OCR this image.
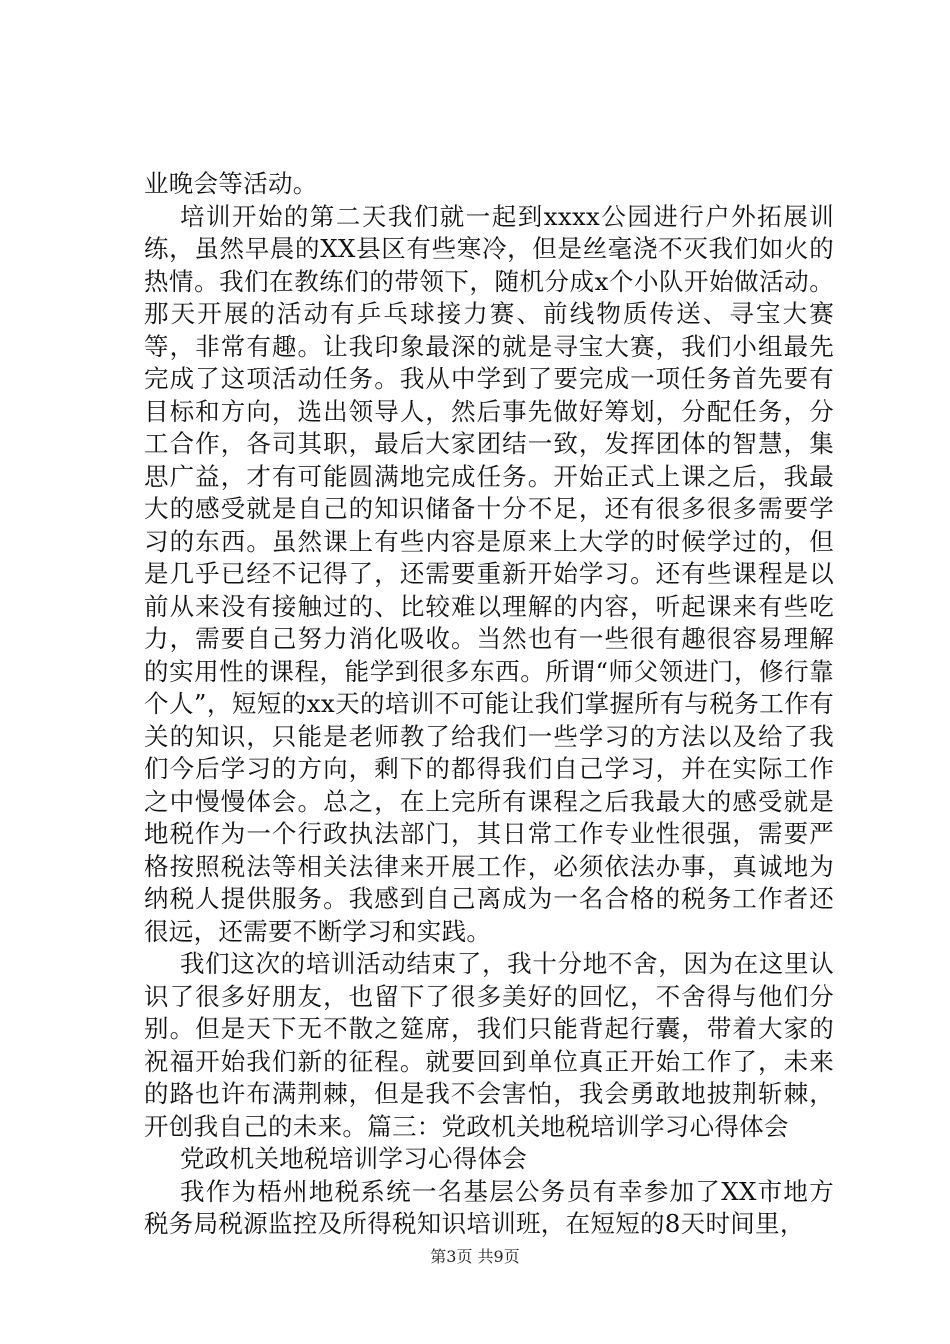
业晚会等活动。

培训开始的第二天我们就一起到xxxx公园进行户外拓展训练，虽然早晨的XX县区有些寒冷，但是丝毫浇不灭我们如火的热情。我们在教练们的带领下，随机分成x个小队开始做活动。那天开展的活动有乒乓球接力赛、前线物质传送、寻宝大赛等，非常有趣。让我印象最深的就是寻宝大赛，我们小组最先完成了这项活动任务。我从中学到了要完成一项任务首先要有目标和方向，选出领导人，然后事先做好筹划，分配任务，分工合作，各司其职，最后大家团结一致，发挥团体的智慧，集思广益，才有可能圆满地完成任务。开始正式上课之后，我最大的感受就是自己的知识储备十分不足，还有很多很多需要学习的东西。虽然课上有些内容是原来上大学的时候学过的，但是几乎已经不记得了，还需要重新开始学习。还有些课程是以前从来没有接触过的、比较难以理解的内容，听起课来有些吃力，需要自己努力消化吸收。当然也有一些很有趣很容易理解的实用性的课程，能学到很多东西。所谓“师父领进门，修行靠个人”，短短的xx天的培训不可能让我们掌握所有与税务工作有关的知识，只能是老师教了给我们一些学习的方法以及给了我们今后学习的方向，剩下的都得我们自己学习，并在实际工作之中慢慢体会。总之，在上完所有课程之后我最大的感受就是地税作为一个行政执法部门，其日常工作专业性很强，需要严格按照税法等相关法律来开展工作，必须依法办事，真诚地为纳税人提供服务。我感到自己离成为一名合格的税务工作者还很远，还需要不断学习和实践。

我们这次的培训活动结束了，我十分地不舍，因为在这里认识了很多好朋友，也留下了很多美好的回忆，不舍得与他们分别。但是天下无不散之筵席，我们只能背起行囊，带着大家的祝福开始我们新的征程。就要回到单位真正开始工作了，未来的路也许布满荆棘，但是我不会害怕，我会勇敢地披荆斩棘，开创我自己的未来。篇三：党政机关地税培训学习心得体会

党政机关地税培训学习心得体会

我作为梧州地税系统一名基层公务员有幸参加了XX市地方税务局税源监控及所得税知识培训班，在短短的8天时间里，

第3页 共9页
